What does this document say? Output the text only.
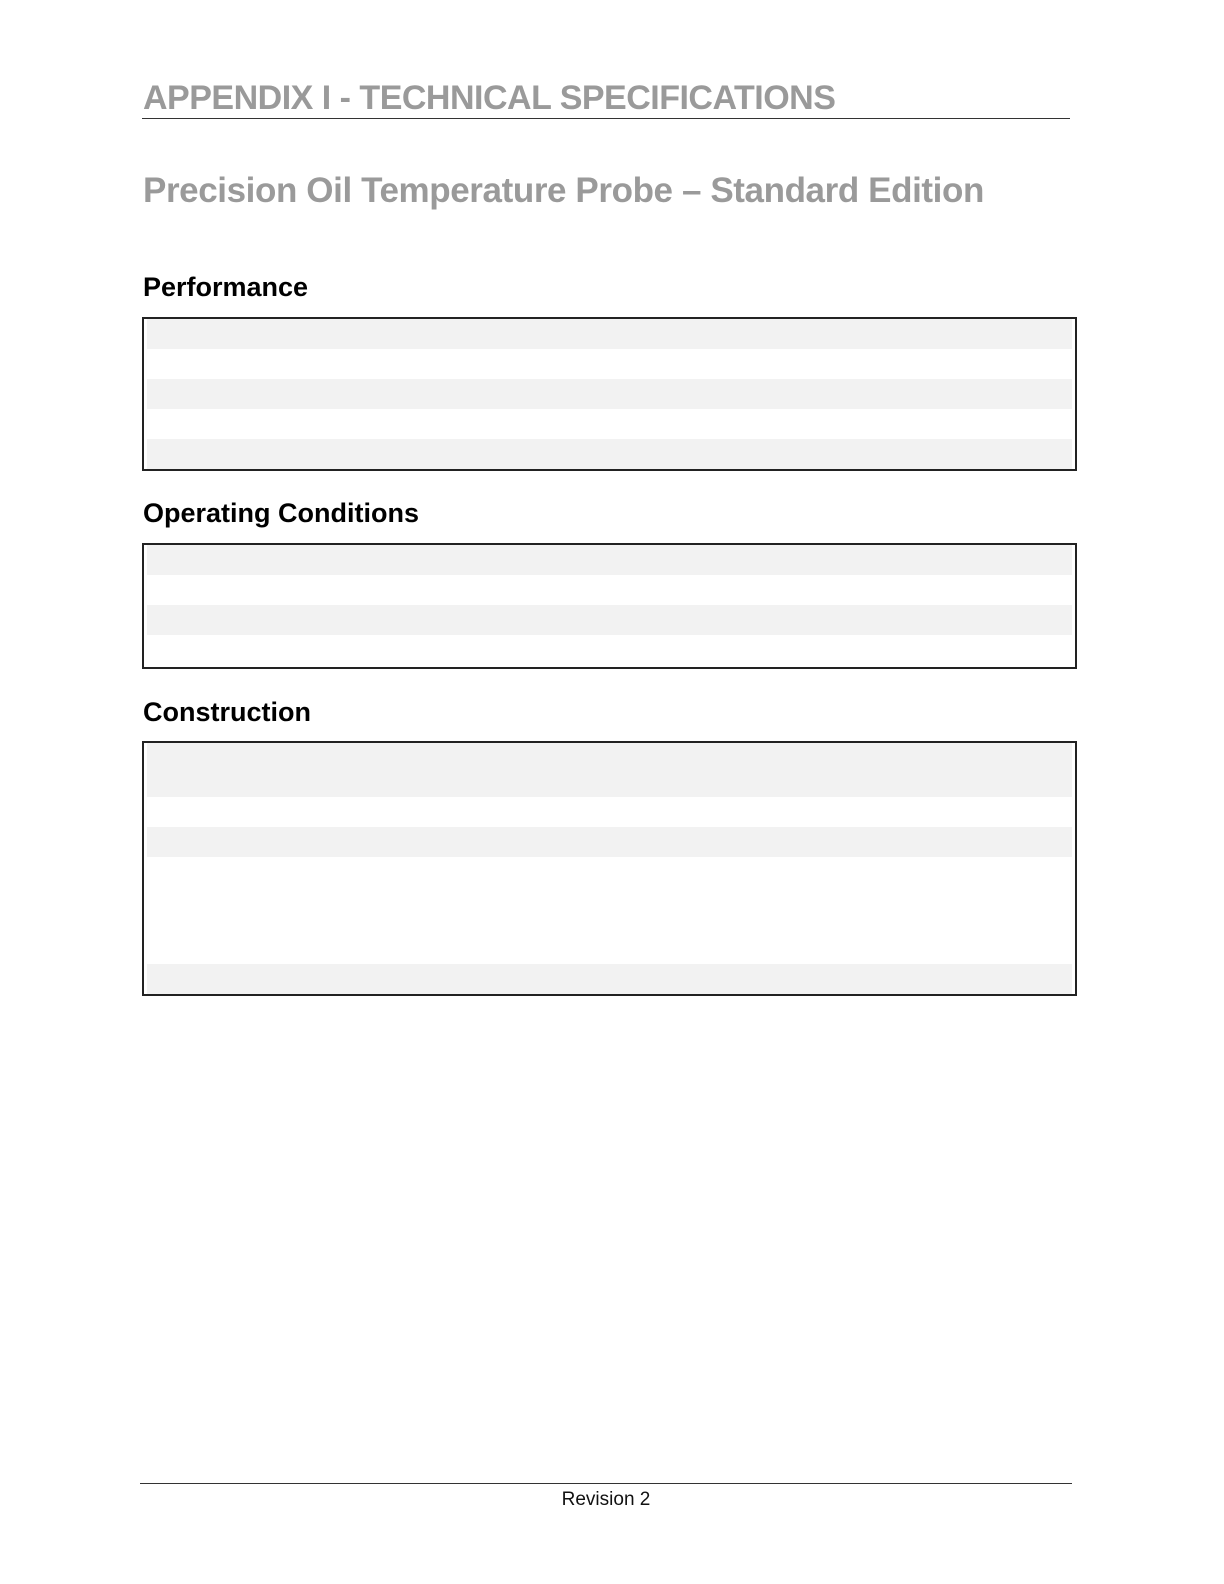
APPENDIX I - TECHNICAL SPECIFICATIONS
Precision Oil Temperature Probe – Standard Edition
Performance
Operating Conditions
Construction
Revision 2
